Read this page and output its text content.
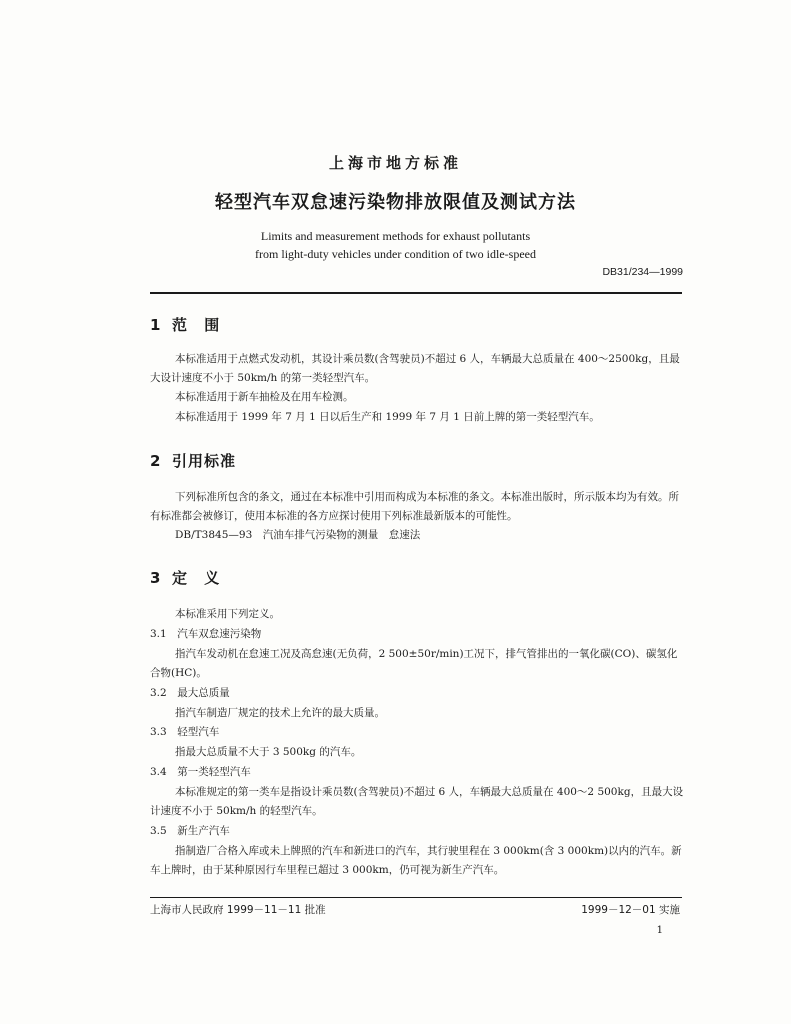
上海市地方标准
轻型汽车双怠速污染物排放限值及测试方法
Limits and measurement methods for exhaust pollutants
from light-duty vehicles under condition of two idle-speed
DB31/234—1999
1 范 围
本标准适用于点燃式发动机，其设计乘员数(含驾驶员)不超过 6 人，车辆最大总质量在 400～2500kg，且最大设计速度不小于 50km/h 的第一类轻型汽车。
本标准适用于新车抽检及在用车检测。
本标准适用于 1999 年 7 月 1 日以后生产和 1999 年 7 月 1 日前上牌的第一类轻型汽车。
2 引用标准
下列标准所包含的条文，通过在本标准中引用而构成为本标准的条文。本标准出版时，所示版本均为有效。所有标准都会被修订，使用本标准的各方应探讨使用下列标准最新版本的可能性。
DB/T3845—93　汽油车排气污染物的测量　怠速法
3 定 义
本标准采用下列定义。
3.1　汽车双怠速污染物
指汽车发动机在怠速工况及高怠速(无负荷，2 500±50r/min)工况下，排气管排出的一氧化碳(CO)、碳氢化合物(HC)。
3.2　最大总质量
指汽车制造厂规定的技术上允许的最大质量。
3.3　轻型汽车
指最大总质量不大于 3 500kg 的汽车。
3.4　第一类轻型汽车
本标准规定的第一类车是指设计乘员数(含驾驶员)不超过 6 人，车辆最大总质量在 400～2 500kg，且最大设计速度不小于 50km/h 的轻型汽车。
3.5　新生产汽车
指制造厂合格入库或未上牌照的汽车和新进口的汽车，其行驶里程在 3 000km(含 3 000km)以内的汽车。新车上牌时，由于某种原因行车里程已超过 3 000km，仍可视为新生产汽车。
上海市人民政府 1999－11－11 批准	1999－12－01 实施
1
